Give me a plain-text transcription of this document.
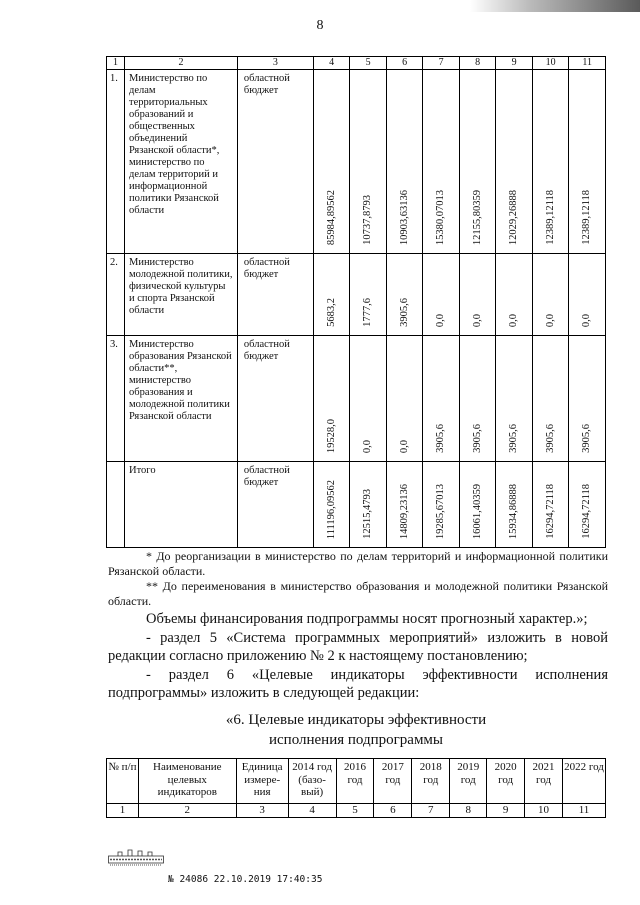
8
1	2	3	4	5	6	7	8	9	10	11
1.	Министерство по делам территориальных образований и общественных объединений Рязанской области*, министерство по делам территорий и информационной политики Рязанской области	областной бюджет	85984,89562	10737,8793	10903,63136	15380,07013	12155,80359	12029,26888	12389,12118	12389,12118
2.	Министерство молодежной политики, физической культуры и спорта Рязанской области	областной бюджет	5683,2	1777,6	3905,6	0,0	0,0	0,0	0,0	0,0
3.	Министерство образования Рязанской области**, министерство образования и молодежной политики Рязанской области	областной бюджет	19528,0	0,0	0,0	3905,6	3905,6	3905,6	3905,6	3905,6
	Итого	областной бюджет	111196,09562	12515,4793	14809,23136	19285,67013	16061,40359	15934,86888	16294,72118	16294,72118
* До реорганизации в министерство по делам территорий и информационной политики Рязанской области.
** До переименования в министерство образования и молодежной политики Рязанской области.
Объемы финансирования подпрограммы носят прогнозный характер.»;
- раздел 5 «Система программных мероприятий» изложить в новой редакции согласно приложению № 2 к настоящему постановлению;
- раздел 6 «Целевые индикаторы эффективности исполнения подпрограммы» изложить в следующей редакции:
«6. Целевые индикаторы эффективности
исполнения подпрограммы
№ п/п	Наименование целевых индикаторов	Единица измере-ния	2014 год (базо-вый)	2016 год	2017 год	2018 год	2019 год	2020 год	2021 год	2022 год
1	2	3	4	5	6	7	8	9	10	11
№ 24086 22.10.2019 17:40:35
